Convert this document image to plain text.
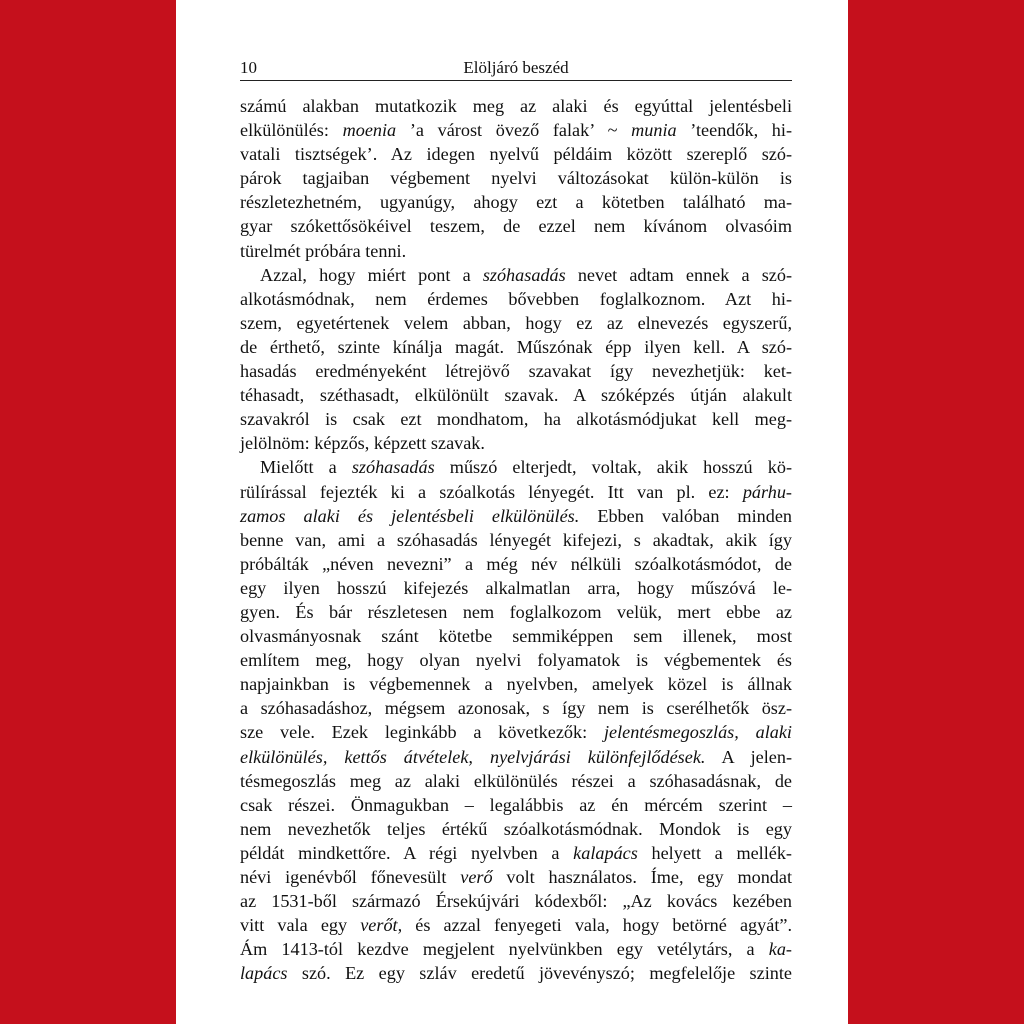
10	Elöljáró beszéd
számú alakban mutatkozik meg az alaki és egyúttal jelentésbeli
elkülönülés: moenia ’a várost övező falak’ ~ munia ’teendők, hi-
vatali tisztségek’. Az idegen nyelvű példáim között szereplő szó-
párok tagjaiban végbement nyelvi változásokat külön-külön is
részletezhetném, ugyanúgy, ahogy ezt a kötetben található ma-
gyar szókettősökéivel teszem, de ezzel nem kívánom olvasóim
türelmét próbára tenni.
Azzal, hogy miért pont a szóhasadás nevet adtam ennek a szó-
alkotásmódnak, nem érdemes bővebben foglalkoznom. Azt hi-
szem, egyetértenek velem abban, hogy ez az elnevezés egyszerű,
de érthető, szinte kínálja magát. Műszónak épp ilyen kell. A szó-
hasadás eredményeként létrejövő szavakat így nevezhetjük: ket-
téhasadt, széthasadt, elkülönült szavak. A szóképzés útján alakult
szavakról is csak ezt mondhatom, ha alkotásmódjukat kell meg-
jelölnöm: képzős, képzett szavak.
Mielőtt a szóhasadás műszó elterjedt, voltak, akik hosszú kö-
rülírással fejezték ki a szóalkotás lényegét. Itt van pl. ez: párhu-
zamos alaki és jelentésbeli elkülönülés. Ebben valóban minden
benne van, ami a szóhasadás lényegét kifejezi, s akadtak, akik így
próbálták „néven nevezni” a még név nélküli szóalkotásmódot, de
egy ilyen hosszú kifejezés alkalmatlan arra, hogy műszóvá le-
gyen. És bár részletesen nem foglalkozom velük, mert ebbe az
olvasmányosnak szánt kötetbe semmiképpen sem illenek, most
említem meg, hogy olyan nyelvi folyamatok is végbementek és
napjainkban is végbemennek a nyelvben, amelyek közel is állnak
a szóhasadáshoz, mégsem azonosak, s így nem is cserélhetők ösz-
sze vele. Ezek leginkább a következők: jelentésmegoszlás, alaki
elkülönülés, kettős átvételek, nyelvjárási különfejlődések. A jelen-
tésmegoszlás meg az alaki elkülönülés részei a szóhasadásnak, de
csak részei. Önmagukban – legalábbis az én mércém szerint –
nem nevezhetők teljes értékű szóalkotásmódnak. Mondok is egy
példát mindkettőre. A régi nyelvben a kalapács helyett a mellék-
névi igenévből főnevesült verő volt használatos. Íme, egy mondat
az 1531-ből származó Érsekújvári kódexből: „Az kovács kezében
vitt vala egy verőt, és azzal fenyegeti vala, hogy betörné agyát”.
Ám 1413-tól kezdve megjelent nyelvünkben egy vetélytárs, a ka-
lapács szó. Ez egy szláv eredetű jövevényszó; megfelelője szinte
